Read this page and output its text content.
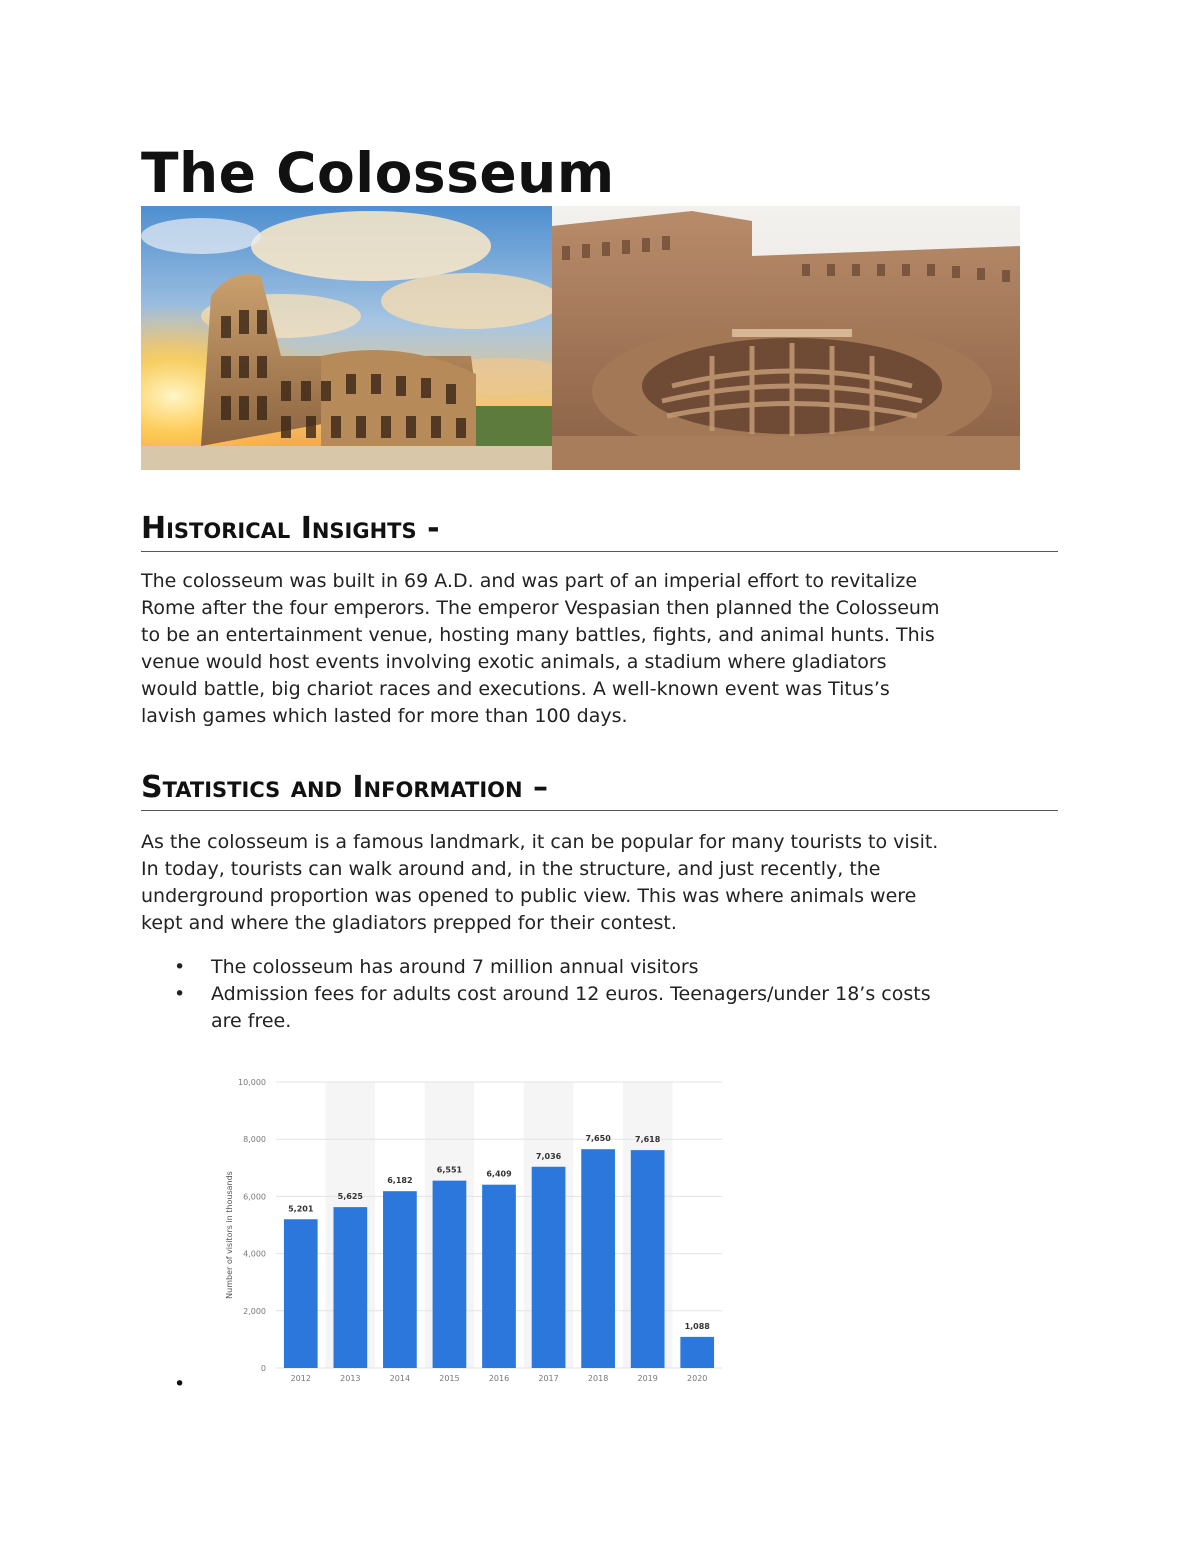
The Colosseum
Historical Insights -
The colosseum was built in 69 A.D. and was part of an imperial effort to revitalize
Rome after the four emperors. The emperor Vespasian then planned the Colosseum
to be an entertainment venue, hosting many battles, fights, and animal hunts. This
venue would host events involving exotic animals, a stadium where gladiators
would battle, big chariot races and executions. A well-known event was Titus’s
lavish games which lasted for more than 100 days.
Statistics and Information –
As the colosseum is a famous landmark, it can be popular for many tourists to visit.
In today, tourists can walk around and, in the structure, and just recently, the
underground proportion was opened to public view. This was where animals were
kept and where the gladiators prepped for their contest.
• The colosseum has around 7 million annual visitors
• Admission fees for adults cost around 12 euros. Teenagers/under 18’s costs
are free.
0
2,000
4,000
6,000
8,000
10,000
5,201
5,625
6,182
6,551	6,409
7,036
7,650	7,618
1,088
2012	2013	2014	2015	2016	2017	2018	2019	2020
Number of visitors in thousands
•
